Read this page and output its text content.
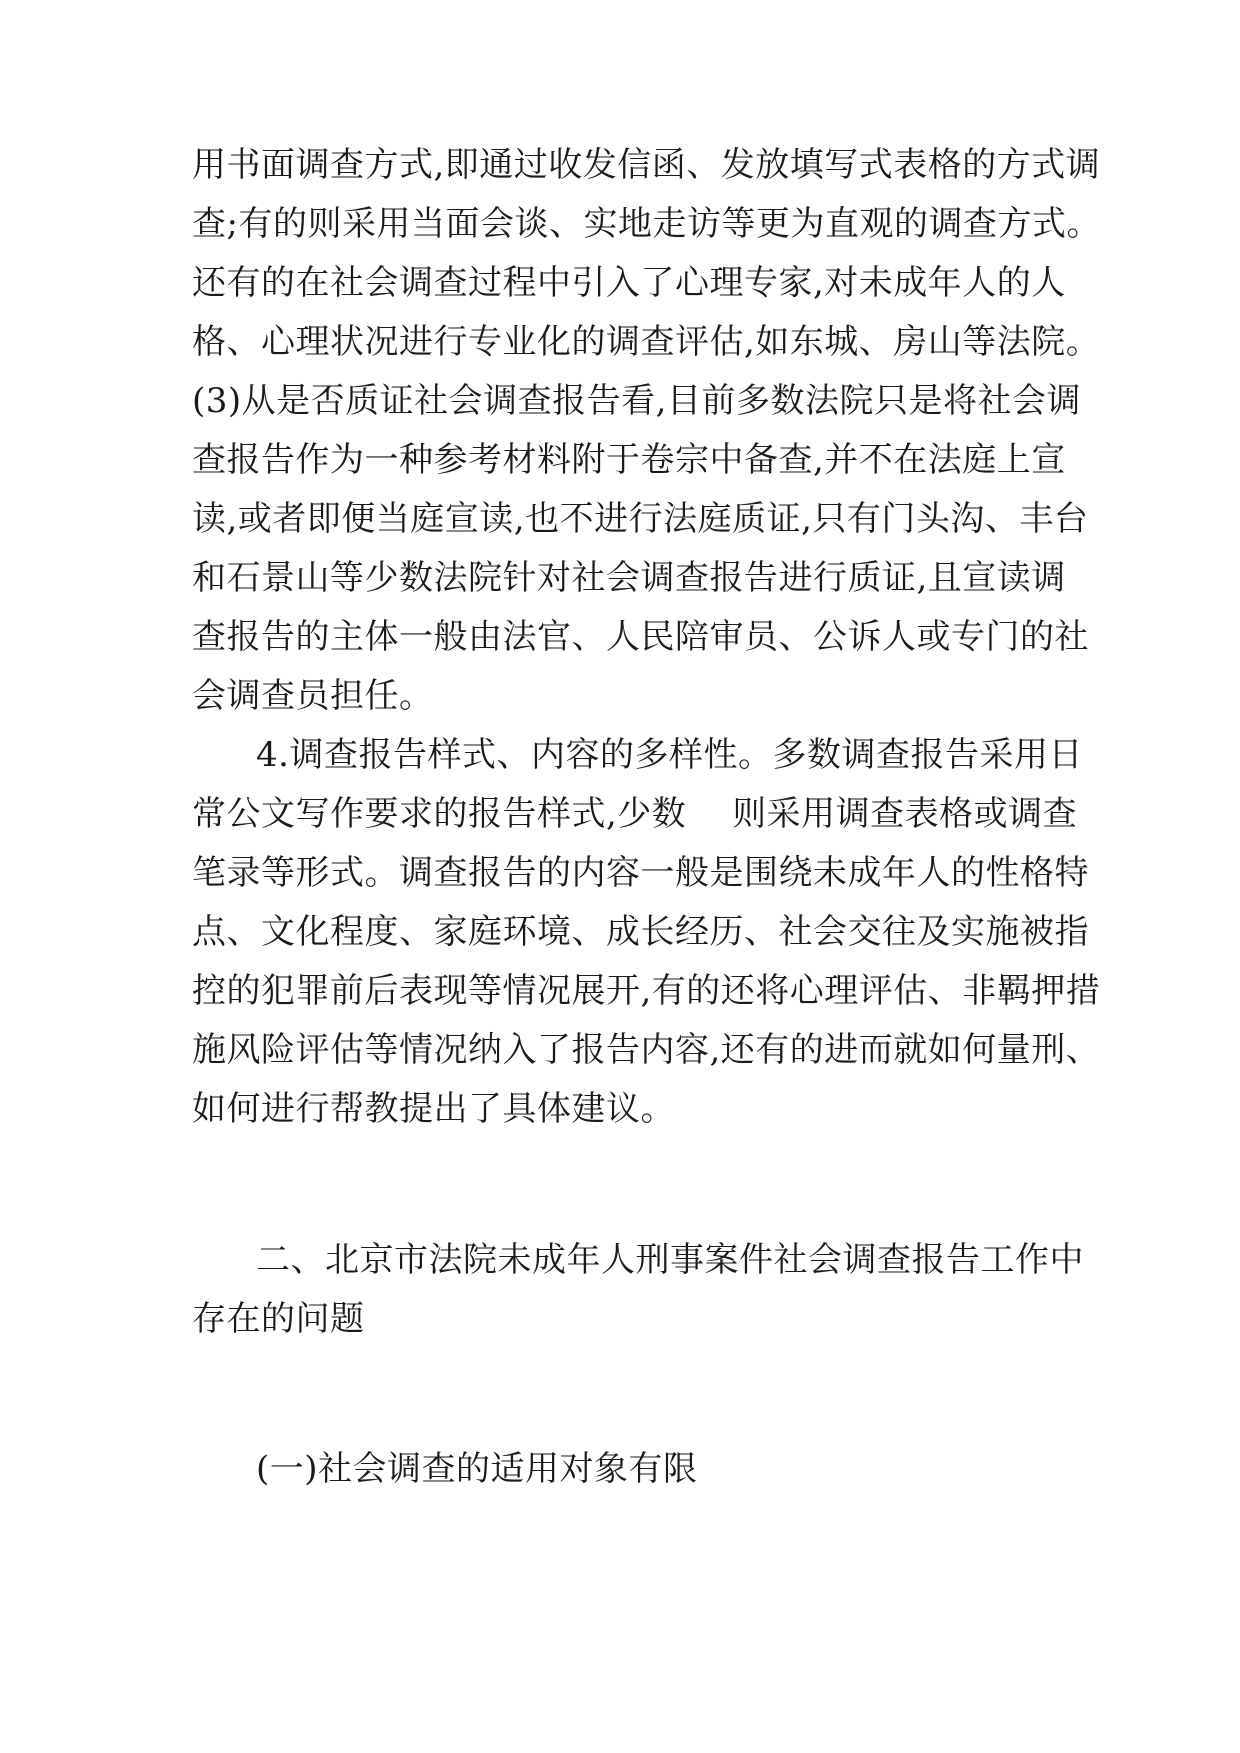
用书面调查方式,即通过收发信函、发放填写式表格的方式调
查;有的则采用当面会谈、实地走访等更为直观的调查方式。
还有的在社会调查过程中引入了心理专家,对未成年人的人
格、心理状况进行专业化的调查评估,如东城、房山等法院。
(3)从是否质证社会调查报告看,目前多数法院只是将社会调
查报告作为一种参考材料附于卷宗中备查,并不在法庭上宣
读,或者即便当庭宣读,也不进行法庭质证,只有门头沟、丰台
和石景山等少数法院针对社会调查报告进行质证,且宣读调
查报告的主体一般由法官、人民陪审员、公诉人或专门的社
会调查员担任。
4.调查报告样式、内容的多样性。多数调查报告采用日
常公文写作要求的报告样式,少数 　则采用调查表格或调查
笔录等形式。调查报告的内容一般是围绕未成年人的性格特
点、文化程度、家庭环境、成长经历、社会交往及实施被指
控的犯罪前后表现等情况展开,有的还将心理评估、非羁押措
施风险评估等情况纳入了报告内容,还有的进而就如何量刑、
如何进行帮教提出了具体建议。
二、北京市法院未成年人刑事案件社会调查报告工作中
存在的问题
(一)社会调查的适用对象有限
